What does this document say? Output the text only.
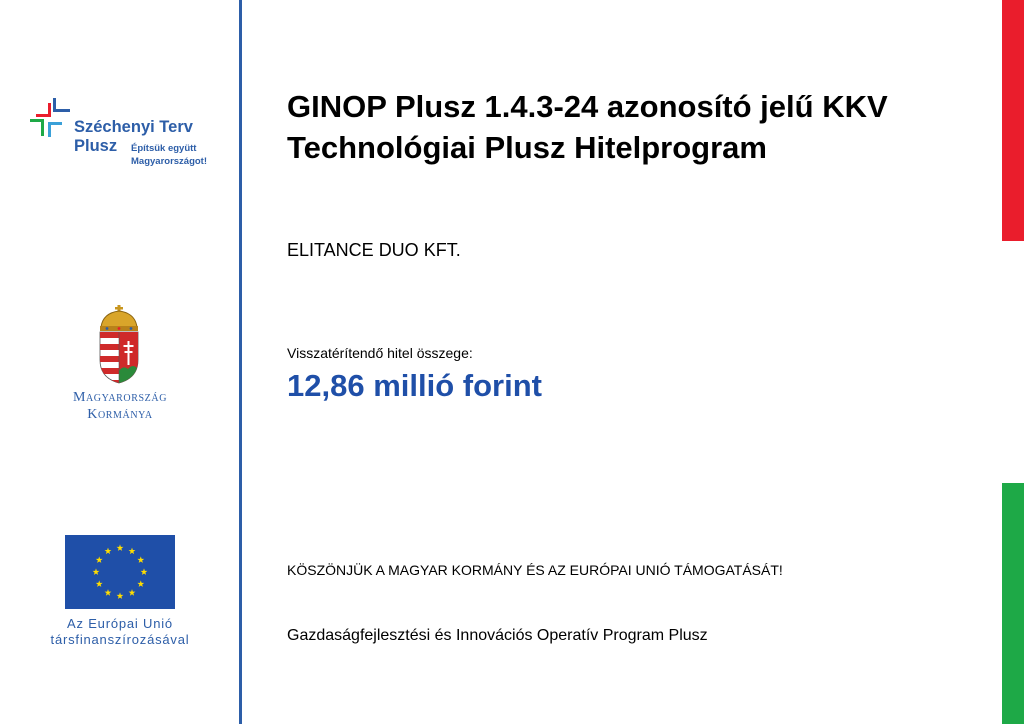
Széchenyi Terv
Plusz Építsük együtt
Magyarországot!
Magyarország
Kormánya
Az Európai Unió
társfinanszírozásával
GINOP Plusz 1.4.3-24 azonosító jelű KKV
Technológiai Plusz Hitelprogram
ELITANCE DUO KFT.
Visszatérítendő hitel összege:
12,86 millió forint
KÖSZÖNJÜK A MAGYAR KORMÁNY ÉS AZ EURÓPAI UNIÓ TÁMOGATÁSÁT!
Gazdaságfejlesztési és Innovációs Operatív Program Plusz
